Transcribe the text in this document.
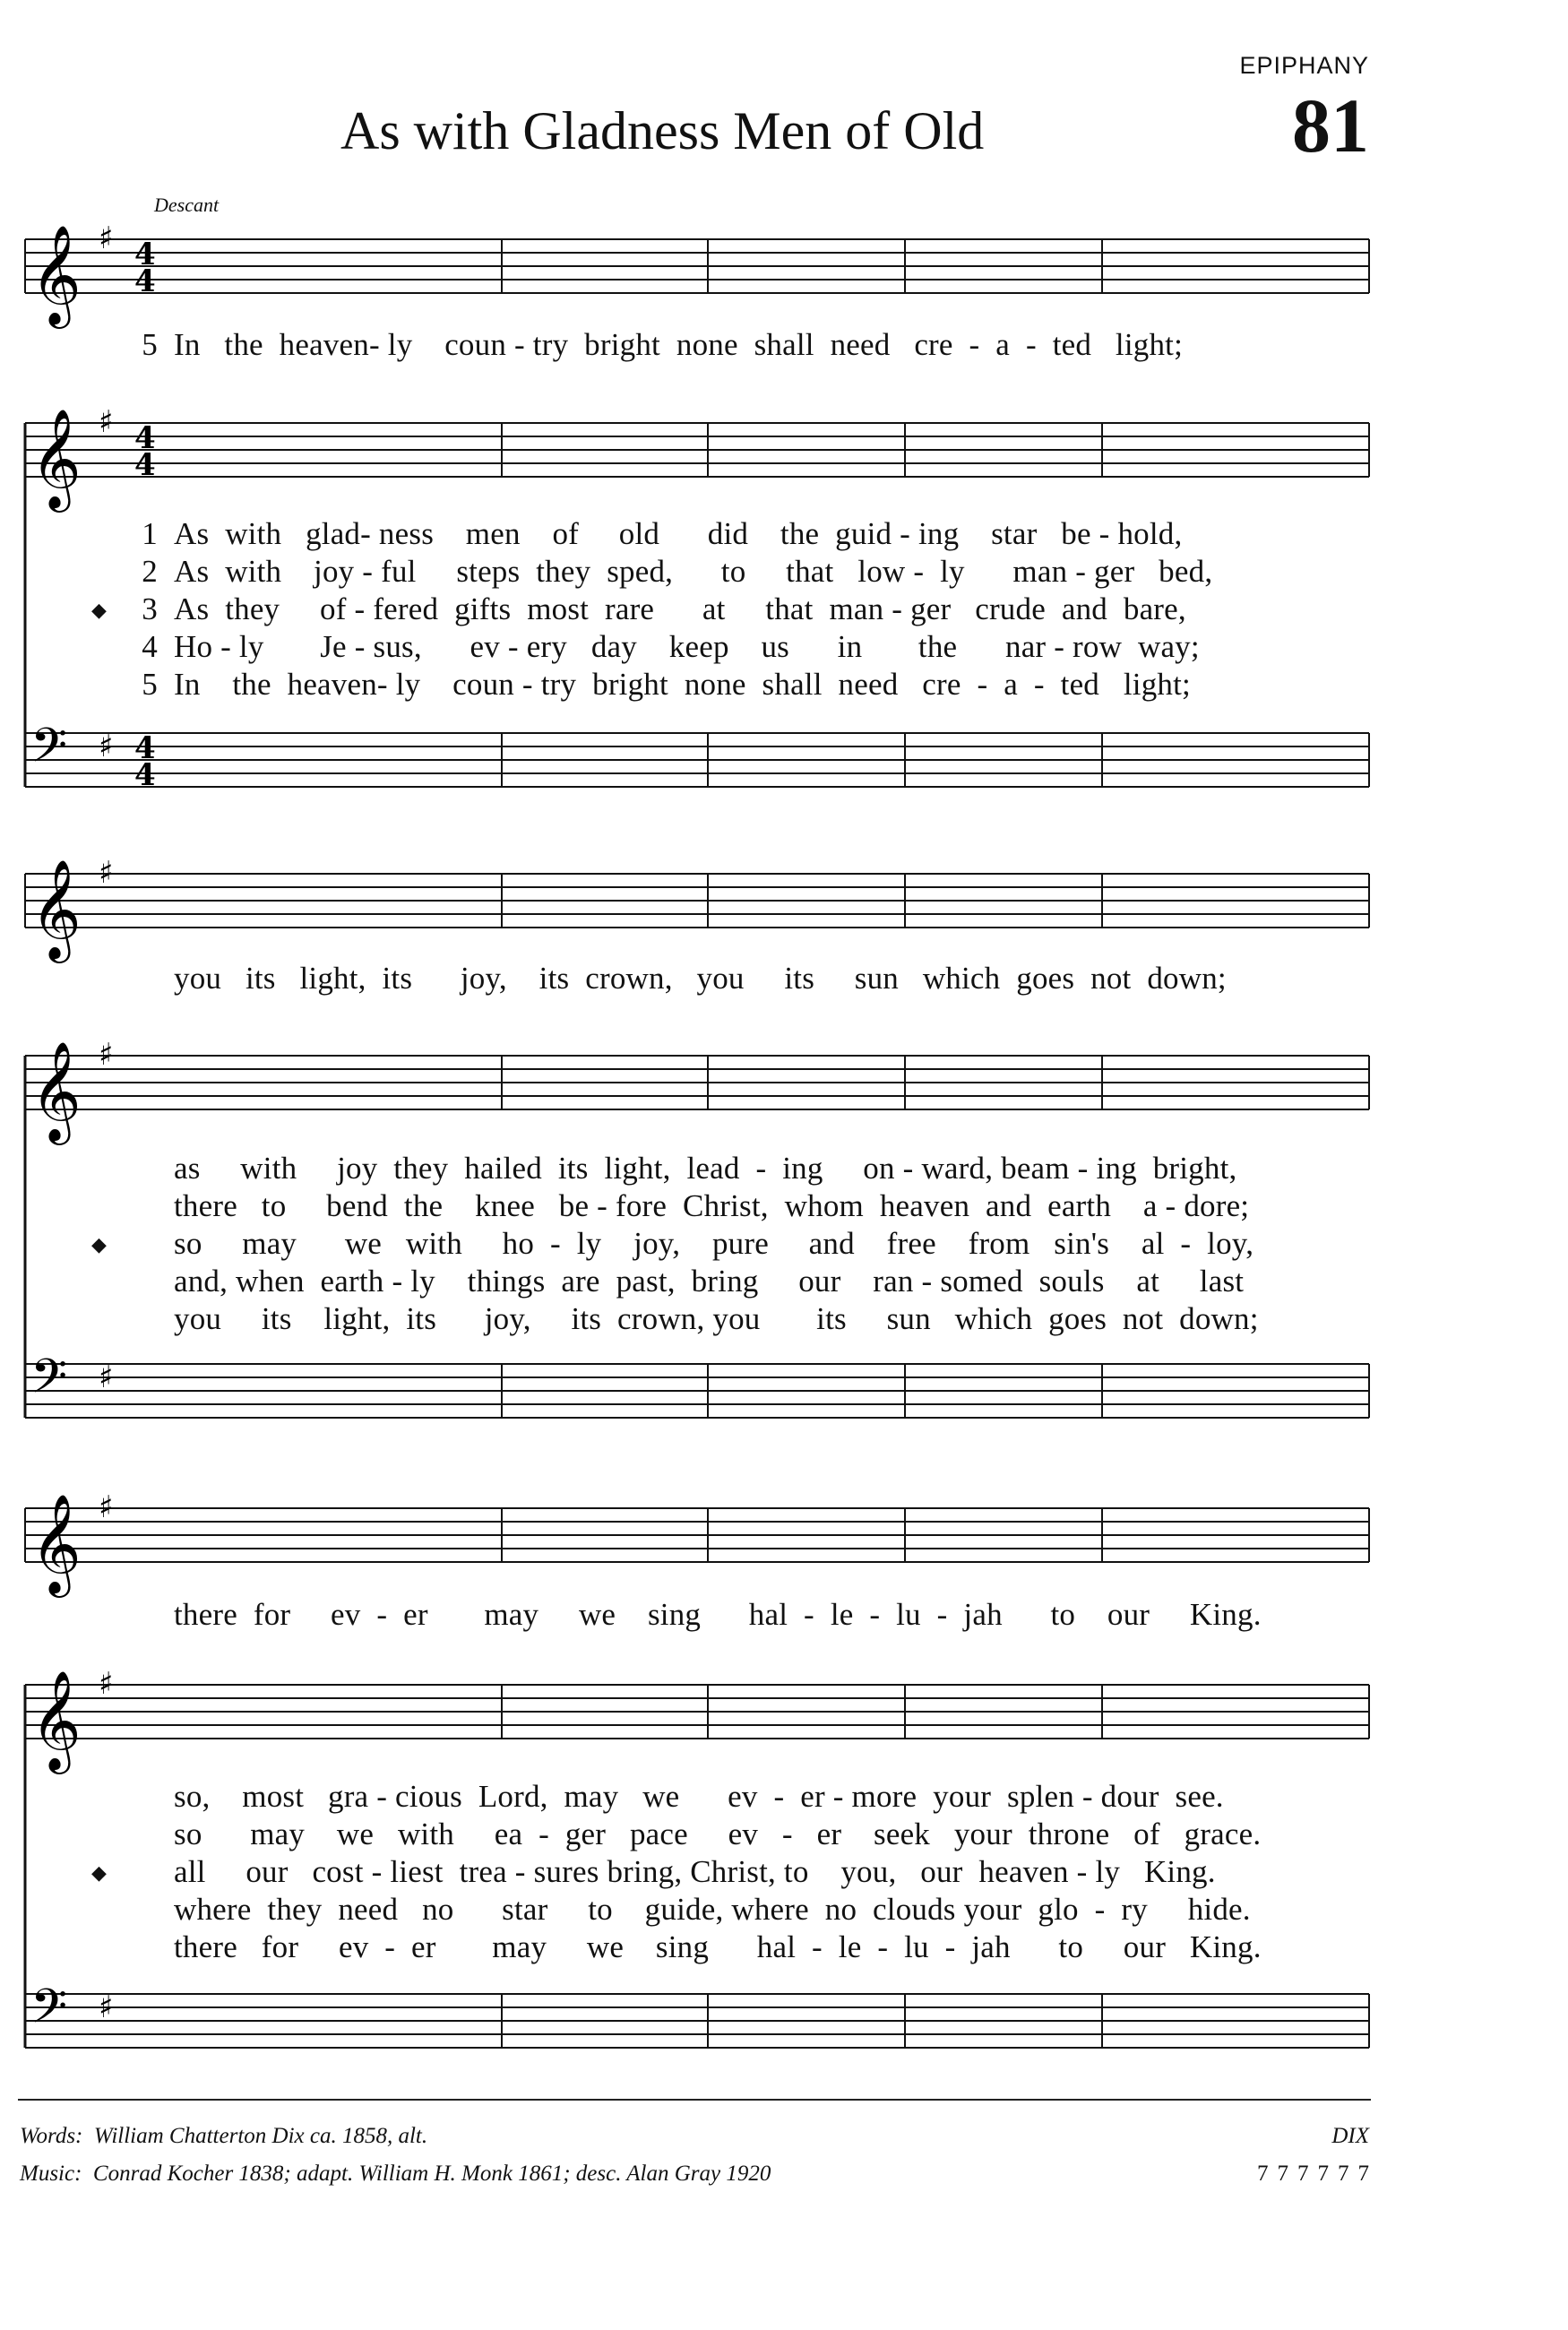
EPIPHANY
As with Gladness Men of Old	81
Descant
𝄞 ♯ 4
4
𝄞 ♯ 4
4
𝄢 ♯ 4
4
𝄞 ♯
𝄞 ♯
𝄢 ♯
𝄞 ♯
𝄞 ♯
𝄢 ♯
5 In   the  heaven- ly    coun - try  bright  none  shall  need   cre  -  a  -  ted   light;
1 As  with   glad- ness    men    of     old      did    the  guid - ing    star   be - hold,
2 As  with    joy - ful     steps  they  sped,      to     that   low -  ly      man - ger   bed,
◆	3 As  they     of - fered  gifts  most  rare      at     that  man - ger   crude  and  bare,
4 Ho - ly       Je - sus,      ev - ery   day    keep    us      in       the      nar - row  way;
5 In    the  heaven- ly    coun - try  bright  none  shall  need   cre  -  a  -  ted   light;
you   its   light,  its      joy,    its  crown,   you     its     sun   which  goes  not  down;
as     with     joy  they  hailed  its  light,  lead  -  ing     on - ward, beam - ing  bright,
there   to     bend  the    knee   be - fore  Christ,  whom  heaven  and  earth    a - dore;
◆	so     may      we   with     ho  -  ly    joy,    pure     and    free    from   sin's    al  -  loy,
and, when  earth - ly    things  are  past,  bring     our    ran - somed  souls    at     last
you     its    light,  its      joy,     its  crown, you       its     sun   which  goes  not  down;
there  for     ev  -  er       may     we    sing      hal  -  le  -  lu  -  jah      to    our     King.
so,    most   gra - cious  Lord,  may   we      ev  -  er - more  your  splen - dour  see.
so      may    we   with     ea  -  ger   pace     ev   -   er    seek   your  throne   of   grace.
◆	all     our   cost - liest  trea - sures bring, Christ, to    you,   our  heaven - ly   King.
where  they  need   no      star     to    guide, where  no  clouds your  glo  -  ry     hide.
there   for     ev  -  er       may     we    sing      hal  -  le  -  lu  -  jah      to     our   King.
Words: William Chatterton Dix ca. 1858, alt.
Music: Conrad Kocher 1838; adapt. William H. Monk 1861; desc. Alan Gray 1920
DIX
777777
